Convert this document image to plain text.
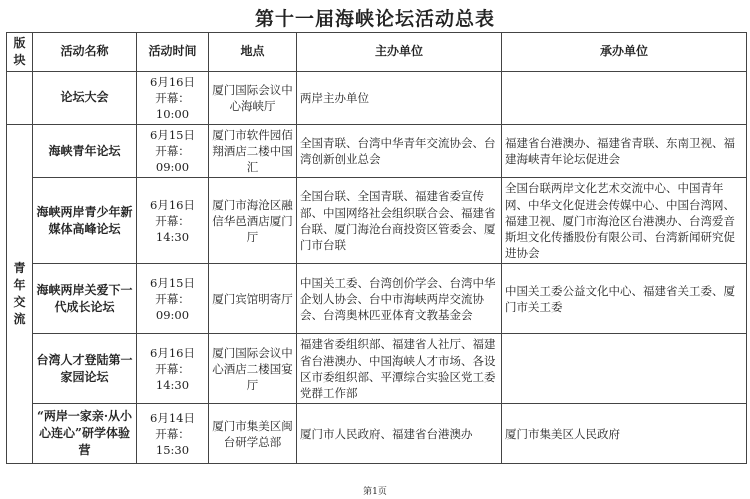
第十一届海峡论坛活动总表
版块	活动名称	活动时间	地点	主办单位	承办单位
	论坛大会	6月16日
开幕：10:00	厦门国际会议中心海峡厅	两岸主办单位	
青年交流	海峡青年论坛	6月15日
开幕：09:00	厦门市软件园佰翔酒店二楼中国汇	全国青联、台湾中华青年交流协会、台湾创新创业总会	福建省台港澳办、福建省青联、东南卫视、福建海峡青年论坛促进会
	海峡两岸青少年新媒体高峰论坛	6月16日
开幕：14:30	厦门市海沧区融信华邑酒店厦门厅	全国台联、全国青联、福建省委宣传部、中国网络社会组织联合会、福建省台联、厦门海沧台商投资区管委会、厦门市台联	全国台联两岸文化艺术交流中心、中国青年网、中华文化促进会传媒中心、中国台湾网、福建卫视、厦门市海沧区台港澳办、台湾爱音斯坦文化传播股份有限公司、台湾新闻研究促进协会
	海峡两岸关爱下一代成长论坛	6月15日
开幕：09:00	厦门宾馆明寄厅	中国关工委、台湾创价学会、台湾中华企划人协会、台中市海峡两岸交流协会、台湾奥林匹亚体育文教基金会	中国关工委公益文化中心、福建省关工委、厦门市关工委
	台湾人才登陆第一家园论坛	6月16日
开幕：14:30	厦门国际会议中心酒店二楼国宴厅	福建省委组织部、福建省人社厅、福建省台港澳办、中国海峡人才市场、各设区市委组织部、平潭综合实验区党工委党群工作部	
	“两岸一家亲·从小心连心”研学体验营	6月14日
开幕：15:30	厦门市集美区闽台研学总部	厦门市人民政府、福建省台港澳办	厦门市集美区人民政府
第1页
